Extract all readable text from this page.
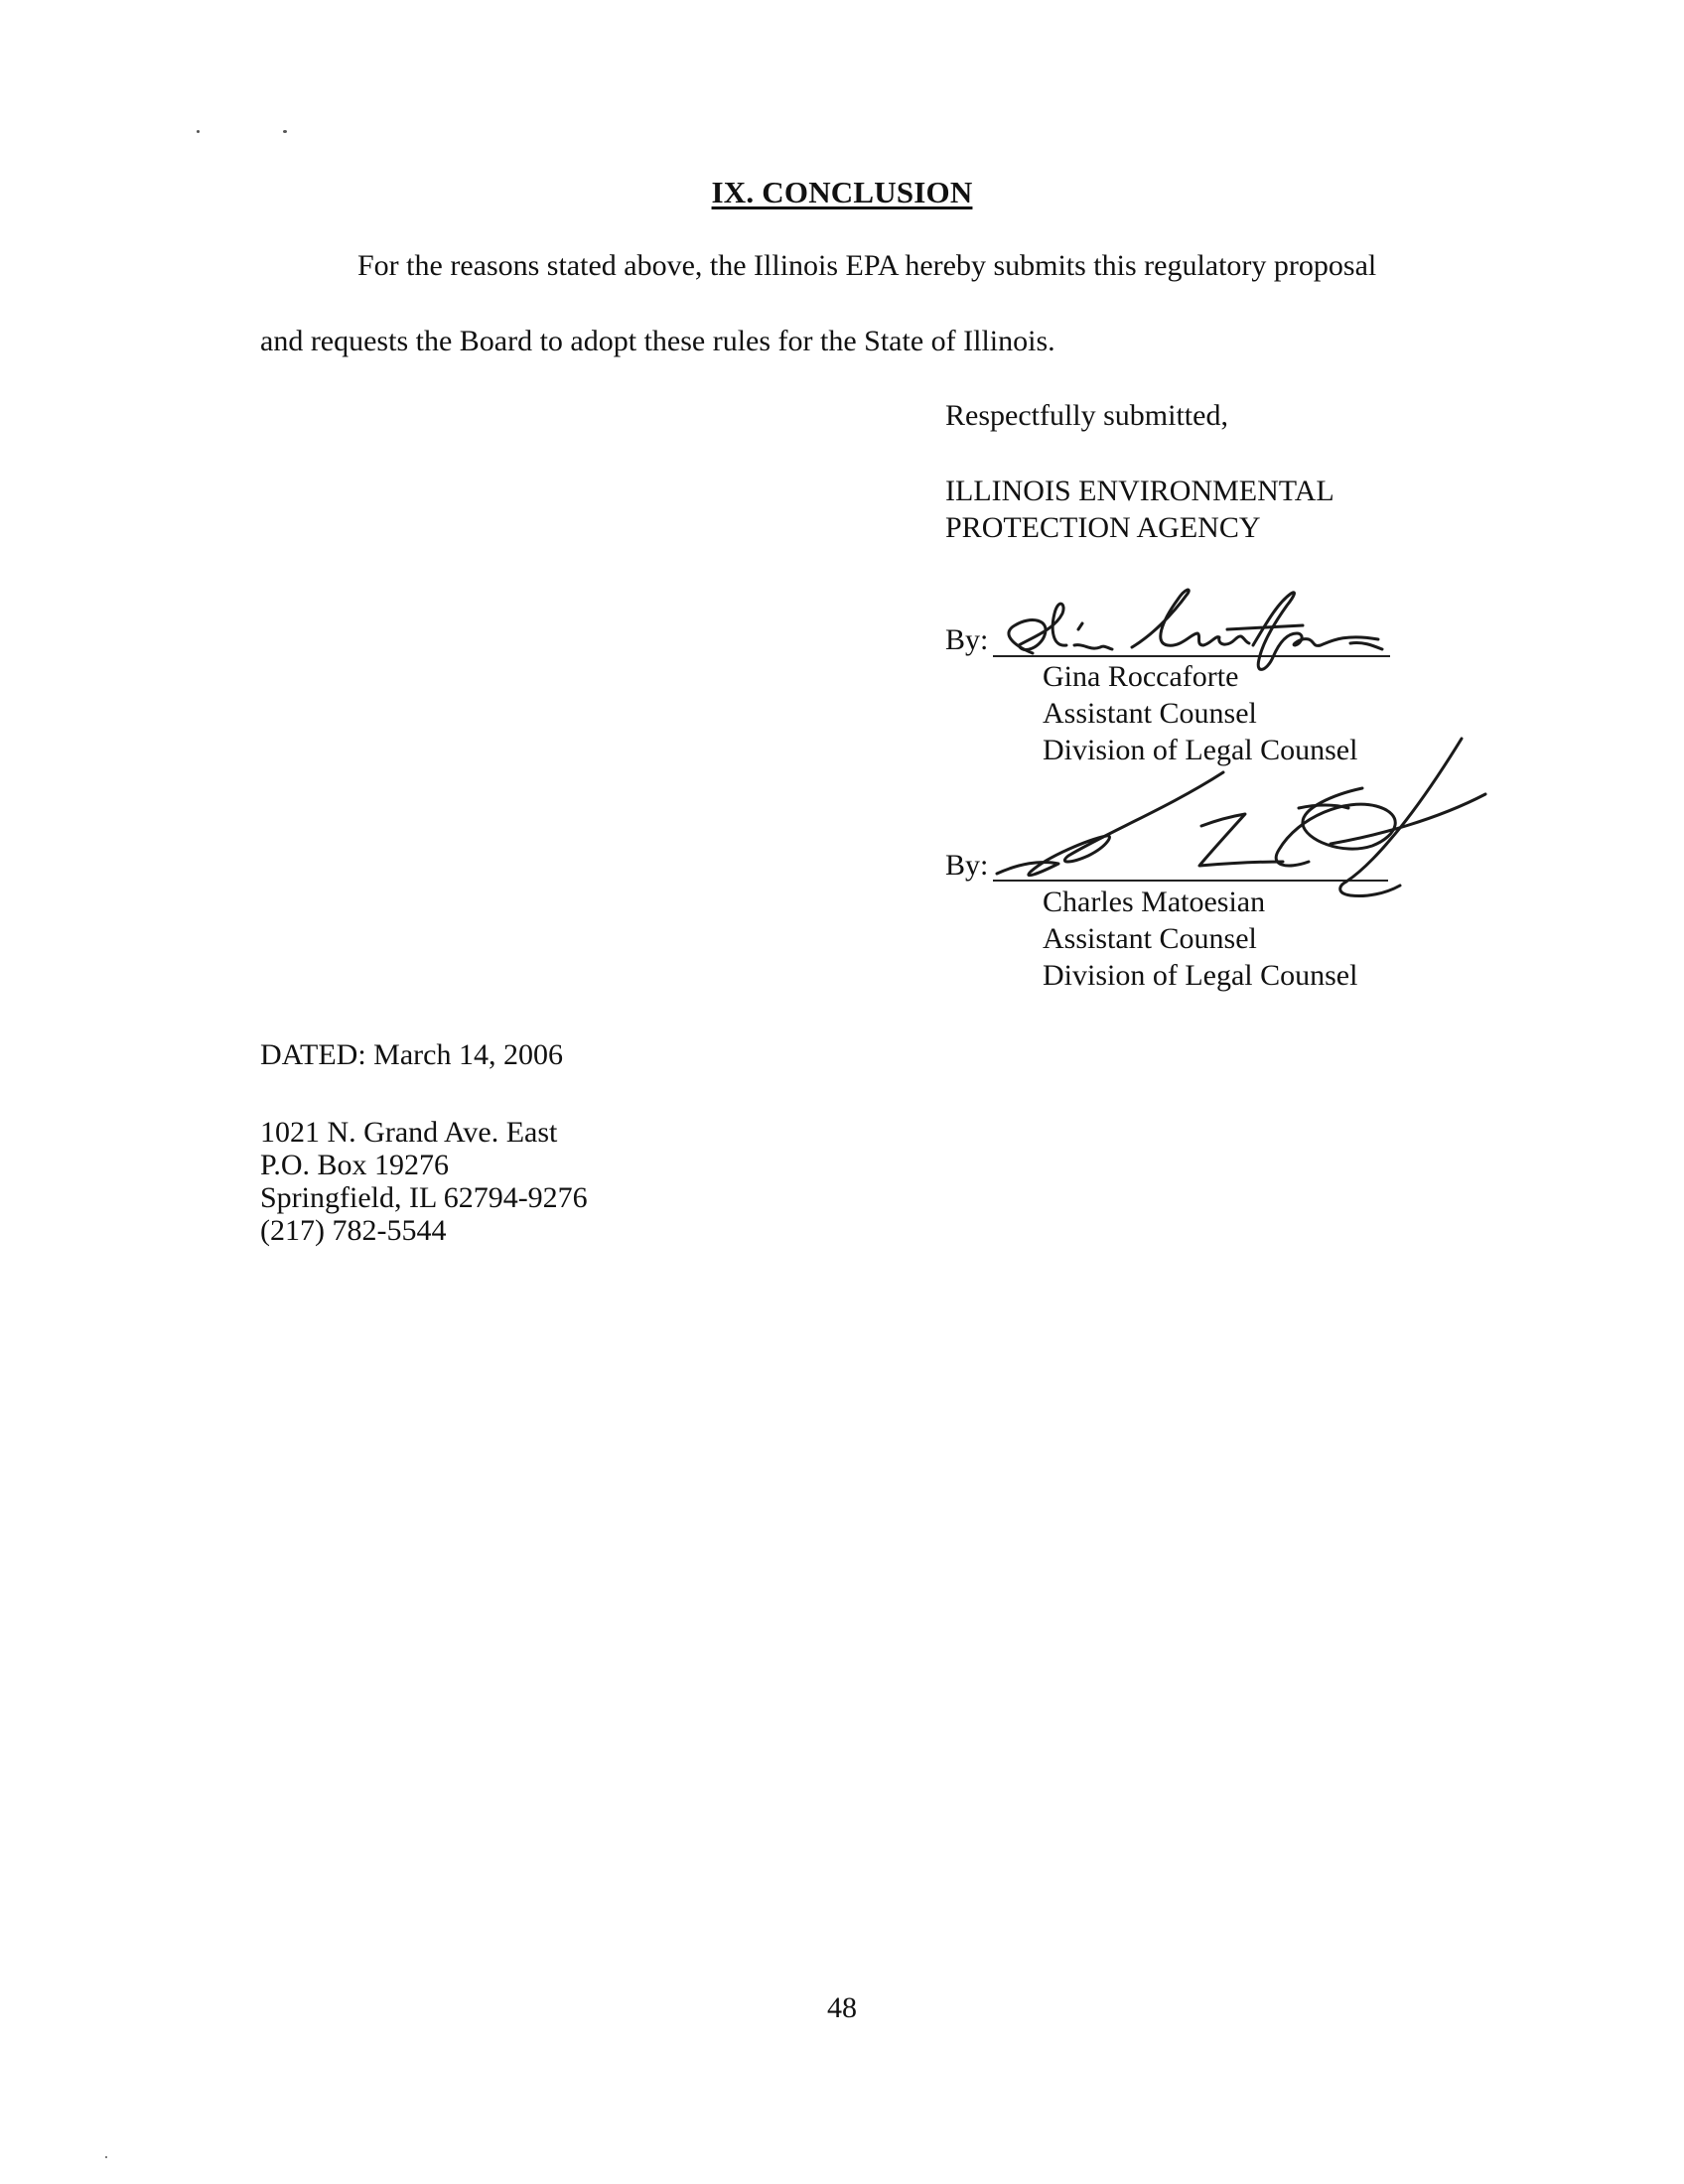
IX. CONCLUSION
For the reasons stated above, the Illinois EPA hereby submits this regulatory proposal
and requests the Board to adopt these rules for the State of Illinois.
Respectfully submitted,
ILLINOIS ENVIRONMENTAL
PROTECTION AGENCY
By:
Gina Roccaforte
Assistant Counsel
Division of Legal Counsel
By:
Charles Matoesian
Assistant Counsel
Division of Legal Counsel
DATED: March 14, 2006
1021 N. Grand Ave. East
P.O. Box 19276
Springfield, IL 62794-9276
(217) 782-5544
48
